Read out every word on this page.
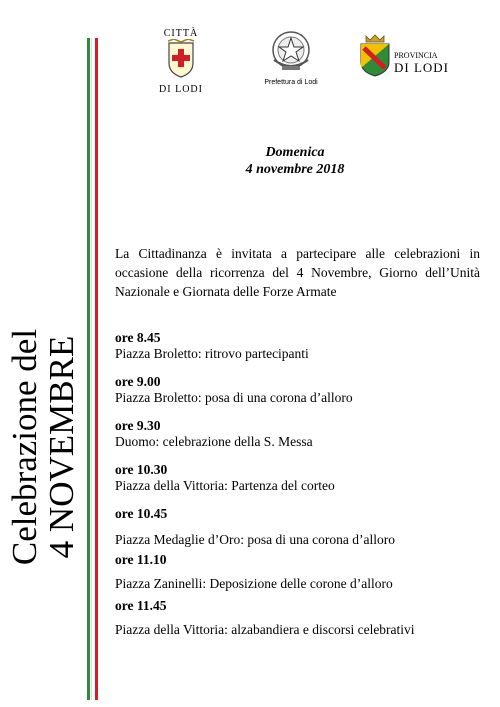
Celebrazione del
4 NOVEMBRE
CITTÀ
DI LODI
Prefettura di Lodi
PROVINCIA
DI LODI
Domenica
4 novembre 2018
La Cittadinanza è invitata a partecipare alle celebrazioni in occasione della ricorrenza del 4 Novembre, Giorno dell’Unità Nazionale e Giornata delle Forze Armate
ore 8.45
Piazza Broletto: ritrovo partecipanti
ore 9.00
Piazza Broletto: posa di una corona d’alloro
ore 9.30
Duomo: celebrazione della S. Messa
ore 10.30
Piazza della Vittoria: Partenza del corteo
ore 10.45
Piazza Medaglie d’Oro: posa di una corona d’alloro
ore 11.10
Piazza Zaninelli: Deposizione delle corone d’alloro
ore 11.45
Piazza della Vittoria: alzabandiera e discorsi celebrativi
